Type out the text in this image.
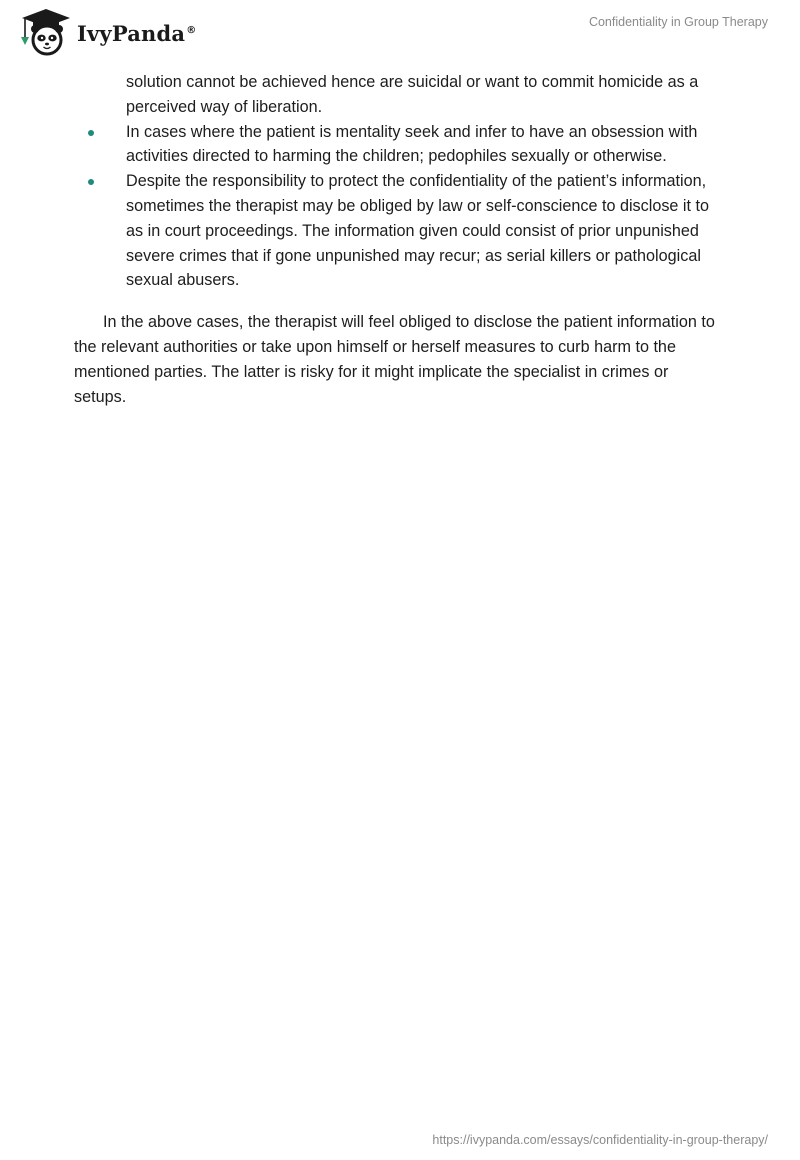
IvyPanda®
Confidentiality in Group Therapy

solution cannot be achieved hence are suicidal or want to commit homicide as a perceived way of liberation.

In cases where the patient is mentality seek and infer to have an obsession with activities directed to harming the children; pedophiles sexually or otherwise.
Despite the responsibility to protect the confidentiality of the patient’s information, sometimes the therapist may be obliged by law or self-conscience to disclose it to as in court proceedings. The information given could consist of prior unpunished severe crimes that if gone unpunished may recur; as serial killers or pathological sexual abusers.

In the above cases, the therapist will feel obliged to disclose the patient information to the relevant authorities or take upon himself or herself measures to curb harm to the mentioned parties. The latter is risky for it might implicate the specialist in crimes or setups.

https://ivypanda.com/essays/confidentiality-in-group-therapy/
